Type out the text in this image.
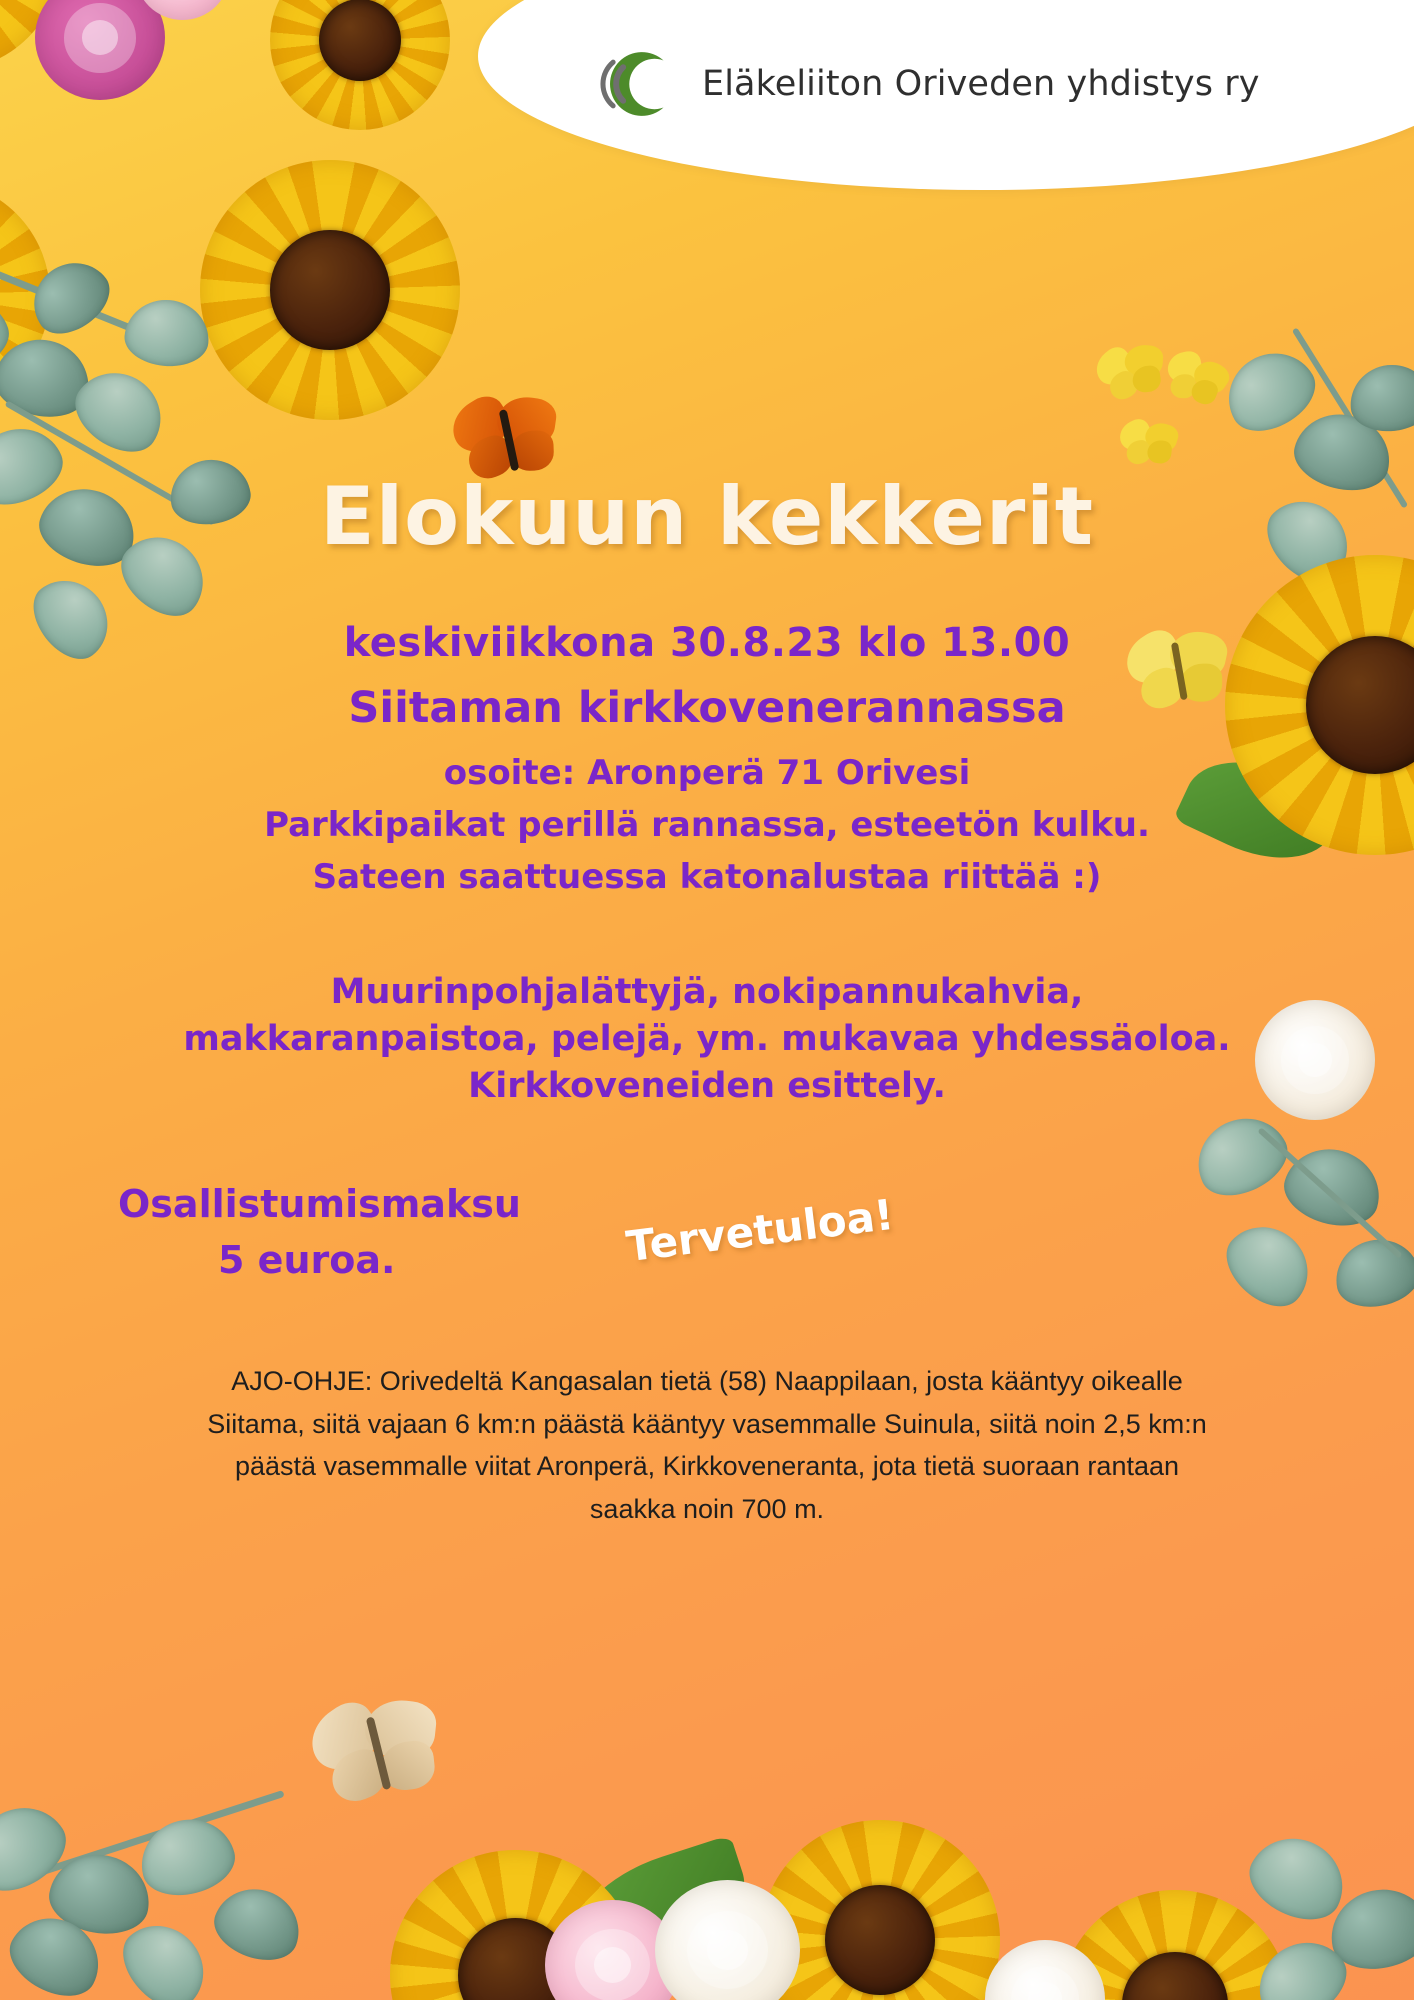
Eläkeliiton Oriveden yhdistys ry
Elokuun kekkerit
keskiviikkona 30.8.23 klo 13.00
Siitaman kirkkovenerannassa
osoite: Aronperä 71 Orivesi
Parkkipaikat perillä rannassa, esteetön kulku.
Sateen saattuessa katonalustaa riittää :)
Muurinpohjalättyjä, nokipannukahvia,
makkaranpaistoa, pelejä, ym. mukavaa yhdessäoloa.
Kirkkoveneiden esittely.
Osallistumismaksu
5 euroa.	Tervetuloa!
AJO-OHJE: Orivedeltä Kangasalan tietä (58) Naappilaan, josta kääntyy oikealle Siitama, siitä vajaan 6 km:n päästä kääntyy vasemmalle Suinula, siitä noin 2,5 km:n päästä vasemmalle viitat Aronperä, Kirkkoveneranta, jota tietä suoraan rantaan saakka noin 700 m.
